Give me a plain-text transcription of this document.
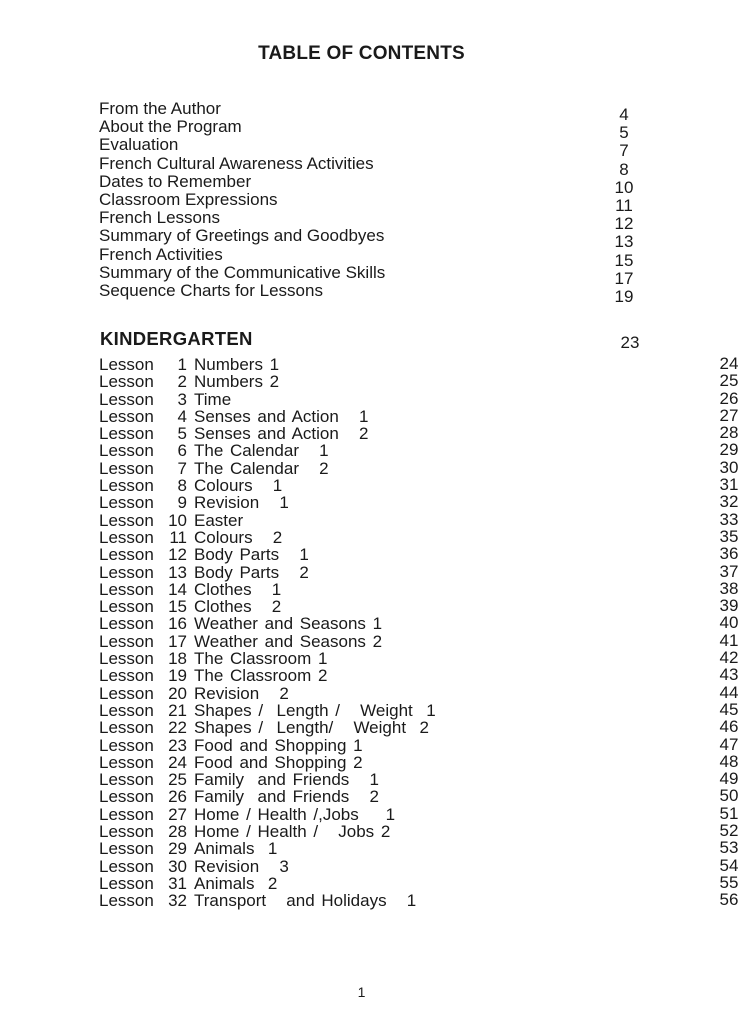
TABLE OF CONTENTS
From the Author	4
About the Program	5
Evaluation	7
French Cultural Awareness Activities	8
Dates to Remember	10
Classroom Expressions	11
French Lessons	12
Summary of Greetings and Goodbyes	13
French Activities	15
Summary of the Communicative Skills	17
Sequence Charts for Lessons	19
KINDERGARTEN	23
Lesson	1 Numbers 1	24
Lesson	2 Numbers 2	25
Lesson	3 Time	26
Lesson	4 Senses and Action   1	27
Lesson	5 Senses and Action   2	28
Lesson	6 The Calendar   1	29
Lesson	7 The Calendar   2	30
Lesson	8 Colours   1	31
Lesson	9 Revision   1	32
Lesson 10 Easter	33
Lesson 11 Colours   2	35
Lesson 12 Body Parts   1	36
Lesson 13 Body Parts   2	37
Lesson 14 Clothes   1	38
Lesson 15 Clothes   2	39
Lesson 16 Weather and Seasons 1	40
Lesson 17 Weather and Seasons 2	41
Lesson 18 The Classroom 1	42
Lesson 19 The Classroom 2	43
Lesson 20 Revision   2	44
Lesson 21 Shapes /  Length /   Weight  1	45
Lesson 22 Shapes /  Length/   Weight  2	46
Lesson 23 Food and Shopping 1	47
Lesson 24 Food and Shopping 2	48
Lesson 25 Family  and Friends   1	49
Lesson 26 Family  and Friends   2	50
Lesson 27 Home / Health /,Jobs    1	51
Lesson 28 Home / Health /   Jobs 2	52
Lesson 29 Animals  1	53
Lesson 30 Revision   3	54
Lesson 31 Animals  2	55
Lesson 32 Transport   and Holidays   1	56
1
